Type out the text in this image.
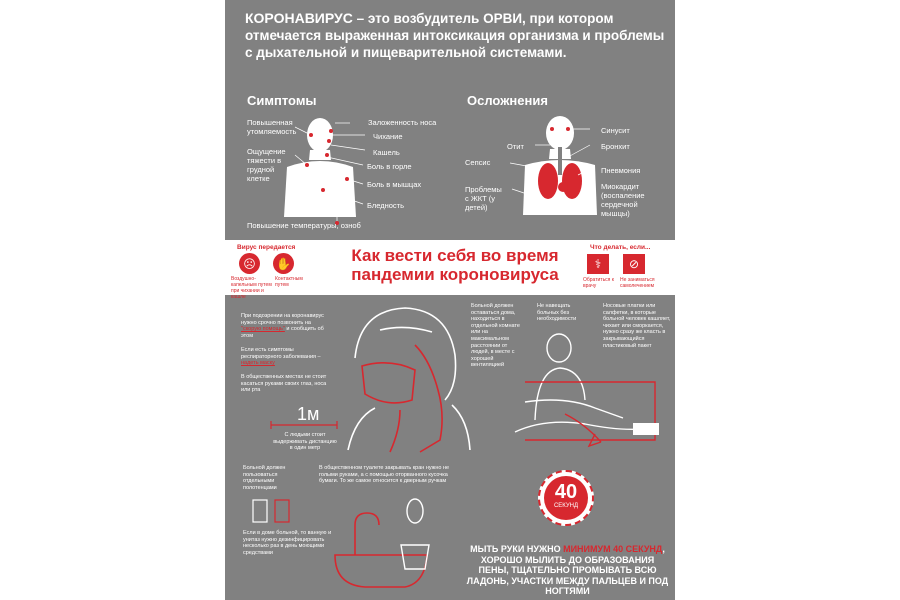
КОРОНАВИРУС – это возбудитель ОРВИ, при котором отмечается выраженная интоксикация организма и проблемы с дыхательной и пищеварительной системами.
Симптомы
Повышенная утомляемость
Ощущение тяжести в грудной клетке
Заложенность носа
Чихание
Кашель
Боль в горле
Боль в мышцах
Бледность
Повышение температуры, озноб
Осложнения
Синусит
Отит	Бронхит
Сепсис
Пневмония
Проблемы с ЖКТ (у детей)
Миокардит (воспаление сердечной мышцы)
Вирус передается
☹	✋
Воздушно-капельным путем при чихании и кашле
Контактным путем
Как вести себя во время пандемии короновируса
Что делать, если...
⚕	⊘
Обратиться к врачу
Не заниматься самолечением
При подозрении на коронавирус нужно срочно позвонить на "скорую помощь" и сообщить об этом
Если есть симптомы респираторного заболевания – надеть маску
В общественных местах не стоит касаться руками своих глаз, носа или рта
1м
С людьми стоит выдерживать дистанцию в один метр
Больной должен оставаться дома, находиться в отдельной комнате или на максимальном расстоянии от людей, в месте с хорошей вентиляцией
Не навещать больных без необходимости
Носовые платки или салфетки, в которые больной человек кашляет, чихает или сморкается, нужно сразу же класть в закрывающийся пластиковый пакет
Больной должен пользоваться отдельными полотенцами
В общественном туалете закрывать кран нужно не голыми руками, а с помощью оторванного кусочка бумаги. То же самое относится к дверным ручкам
Если в доме больной, то ванную и унитаз нужно дезинфицировать несколько раз в день моющими средствами
40
СЕКУНД
МЫТЬ РУКИ НУЖНО МИНИМУМ 40 СЕКУНД, ХОРОШО МЫЛИТЬ ДО ОБРАЗОВАНИЯ ПЕНЫ, ТЩАТЕЛЬНО ПРОМЫВАТЬ ВСЮ ЛАДОНЬ, УЧАСТКИ МЕЖДУ ПАЛЬЦЕВ И ПОД НОГТЯМИ
